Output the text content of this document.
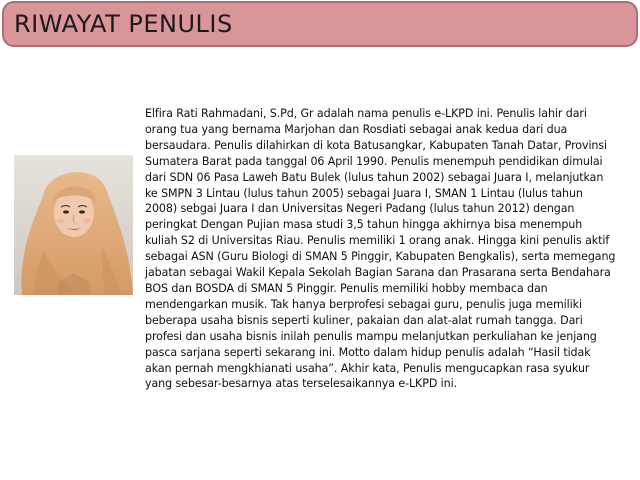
RIWAYAT PENULIS

Elfira Rati Rahmadani, S.Pd, Gr adalah nama penulis e-LKPD ini. Penulis lahir dari orang tua yang bernama Marjohan dan Rosdiati sebagai anak kedua dari dua bersaudara. Penulis dilahirkan di kota Batusangkar, Kabupaten Tanah Datar, Provinsi Sumatera Barat pada tanggal 06 April 1990. Penulis menempuh pendidikan dimulai dari SDN 06 Pasa Laweh Batu Bulek (lulus tahun 2002) sebagai Juara I, melanjutkan ke SMPN 3 Lintau (lulus tahun 2005) sebagai Juara I, SMAN 1 Lintau (lulus tahun 2008) sebgai Juara I dan Universitas Negeri Padang (lulus tahun 2012) dengan peringkat Dengan Pujian masa studi 3,5 tahun hingga akhirnya bisa menempuh kuliah S2 di Universitas Riau. Penulis memiliki 1 orang anak. Hingga kini penulis aktif sebagai ASN (Guru Biologi di SMAN 5 Pinggir, Kabupaten Bengkalis), serta memegang jabatan sebagai Wakil Kepala Sekolah Bagian Sarana dan Prasarana serta Bendahara BOS dan BOSDA di SMAN 5 Pinggir. Penulis memiliki hobby membaca dan mendengarkan musik. Tak hanya berprofesi sebagai guru, penulis juga memiliki beberapa usaha bisnis seperti kuliner, pakaian dan alat-alat rumah tangga. Dari profesi dan usaha bisnis inilah penulis mampu melanjutkan perkuliahan ke jenjang pasca sarjana seperti sekarang ini. Motto dalam hidup penulis adalah “Hasil tidak akan pernah mengkhianati usaha”. Akhir kata, Penulis mengucapkan rasa syukur yang sebesar-besarnya atas terselesaikannya e-LKPD ini.
